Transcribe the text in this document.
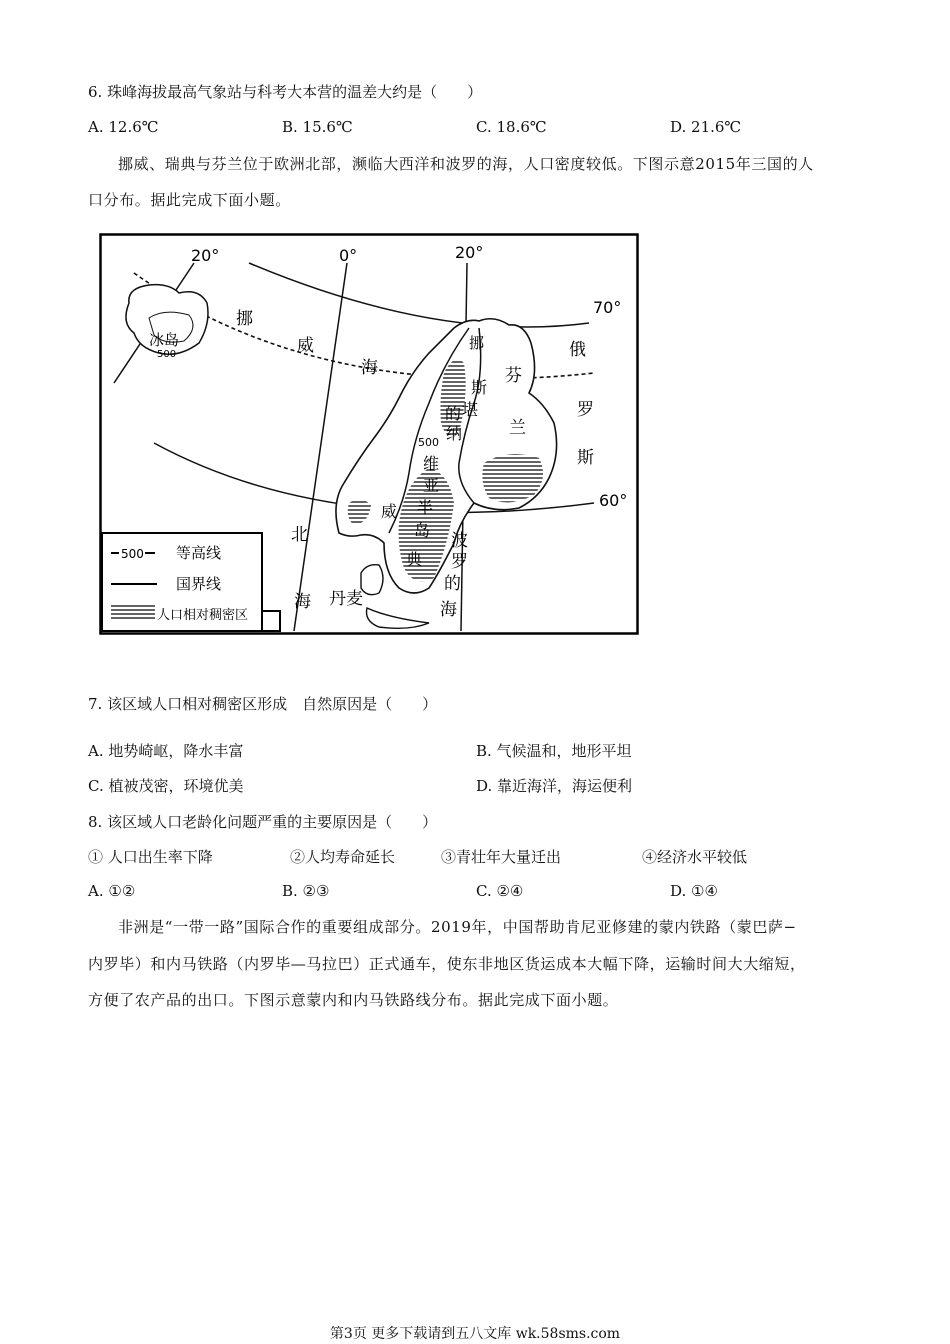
6. 珠峰海拔最高气象站与科考大本营的温差大约是（　　）
A. 12.6℃	B. 15.6℃	C. 18.6℃	D. 21.6℃
挪威、瑞典与芬兰位于欧洲北部，濒临大西洋和波罗的海，人口密度较低。下图示意2015年三国的人
口分布。据此完成下面小题。
500 等高线
国界线
人口相对稠密区
20°	0°	20°
70°
60°
冰岛
500
挪
威
海
俄
罗
斯
芬
兰
挪
威
斯
堪
的
纳
维
亚
半
岛
500
典
北
海
波
罗
的
海
丹麦
7. 该区域人口相对稠密区形成　自然原因是（　　）
A. 地势崎岖，降水丰富	B. 气候温和，地形平坦
C. 植被茂密，环境优美	D. 靠近海洋，海运便利
8. 该区域人口老龄化问题严重的主要原因是（　　）
① 人口出生率下降	②人均寿命延长	③青壮年大量迁出	④经济水平较低
A. ①②	B. ②③	C. ②④	D. ①④
非洲是“一带一路”国际合作的重要组成部分。2019年，中国帮助肯尼亚修建的蒙内铁路（蒙巴萨−
内罗毕）和内马铁路（内罗毕—马拉巴）正式通车，使东非地区货运成本大幅下降，运输时间大大缩短，
方便了农产品的出口。下图示意蒙内和内马铁路线分布。据此完成下面小题。
第3页 更多下载请到五八文库 wk.58sms.com
